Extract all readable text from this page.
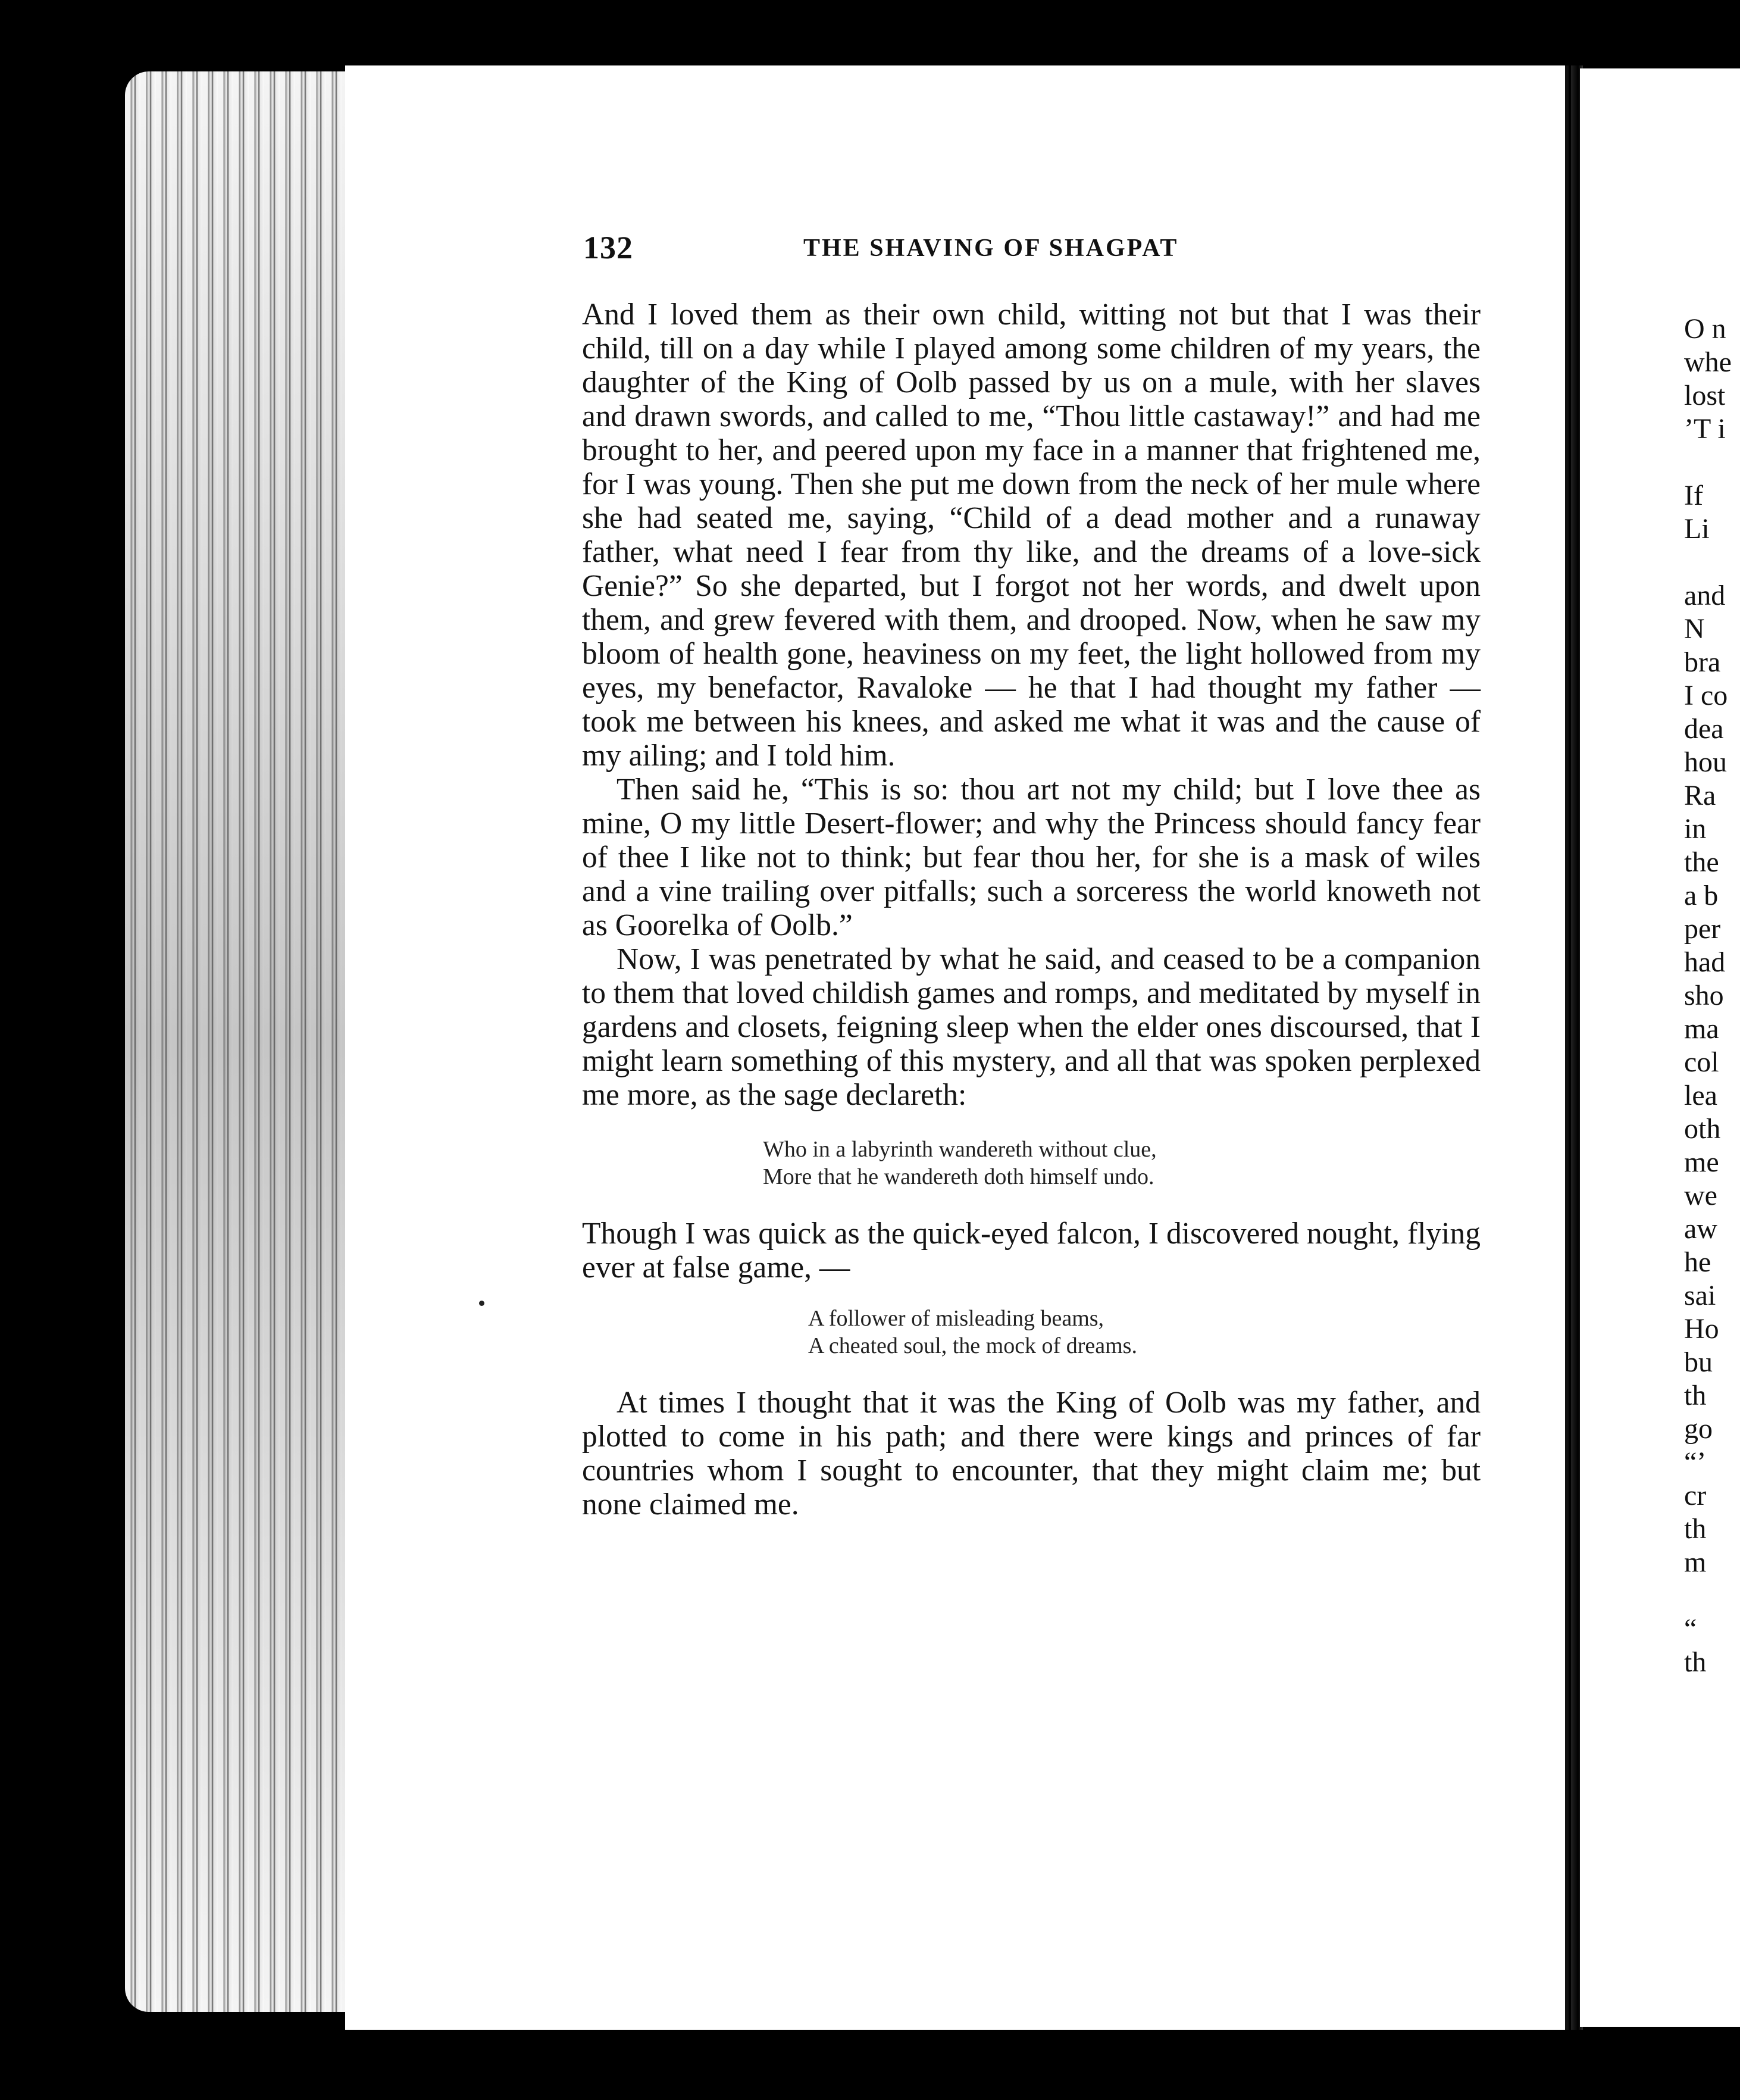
132	THE SHAVING OF SHAGPAT

And I loved them as their own child, witting not but that I was their child, till on a day while I played among some children of my years, the daughter of the King of Oolb passed by us on a mule, with her slaves and drawn swords, and called to me, “Thou little castaway!” and had me brought to her, and peered upon my face in a manner that frightened me, for I was young. Then she put me down from the neck of her mule where she had seated me, saying, “Child of a dead mother and a runaway father, what need I fear from thy like, and the dreams of a love-sick Genie?” So she departed, but I forgot not her words, and dwelt upon them, and grew fevered with them, and drooped. Now, when he saw my bloom of health gone, heaviness on my feet, the light hollowed from my eyes, my benefactor, Ravaloke — he that I had thought my father — took me between his knees, and asked me what it was and the cause of my ailing; and I told him.

Then said he, “This is so: thou art not my child; but I love thee as mine, O my little Desert-flower; and why the Princess should fancy fear of thee I like not to think; but fear thou her, for she is a mask of wiles and a vine trailing over pitfalls; such a sorceress the world knoweth not as Goorelka of Oolb.”

Now, I was penetrated by what he said, and ceased to be a companion to them that loved childish games and romps, and meditated by myself in gardens and closets, feigning sleep when the elder ones discoursed, that I might learn something of this mystery, and all that was spoken perplexed me more, as the sage declareth:

Who in a labyrinth wandereth without clue,
More that he wandereth doth himself undo.

Though I was quick as the quick-eyed falcon, I discovered nought, flying ever at false game, —

A follower of misleading beams,
A cheated soul, the mock of dreams.

At times I thought that it was the King of Oolb was my father, and plotted to come in his path; and there were kings and princes of far countries whom I sought to encounter, that they might claim me; but none claimed me.

O n
whe
lost
’T i

If
Li

and
N
bra
I co
dea
hou
Ra
in
the
a b
per
had
sho
ma
col
lea
oth
me
we
aw
he
sai
Ho
bu
th
go
“’
cr
th
m

“
th
